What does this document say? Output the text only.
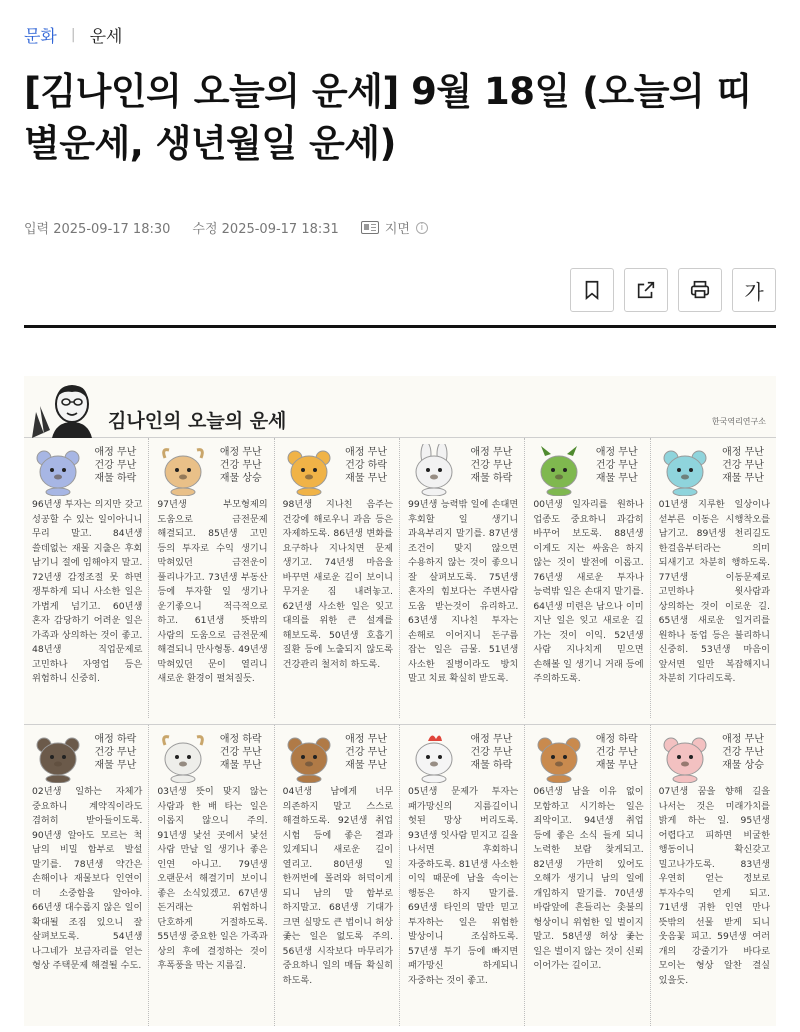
문화 | 운세
[김나인의 오늘의 운세] 9월 18일 (오늘의 띠별운세, 생년월일 운세)
입력 2025-09-17 18:30 수정 2025-09-17 18:31	지면	i
가
김나인의 오늘의 운세	한국역리연구소
애정 무난
건강 무난
재물 하락
96년생 투자는 의지만 갖고 성공할 수 있는 일이아니니 무리 말고. 84년생 쓸데없는 재물 지출은 후회 남기니 절에 임해야지 말고. 72년생 감정조절 못 하면 쟁투하게 되니 사소한 일은 가볍게 넘기고. 60년생 혼자 감당하기 어려운 일은 가족과 상의하는 것이 좋고. 48년생 직업문제로 고민하나 자영업 등은 위험하니 신중히.
애정 무난
건강 무난
재물 상승
97년생 부모형제의 도움으로 금전문제 해결되고. 85년생 고민 등의 투자로 수익 생기니 막혀있던 금전운이 풀리나가고. 73년생 부동산 등에 투자할 일 생기나 운기좋으니 적극적으로 하고. 61년생 뜻밖의 사람의 도움으로 금전문제 해결되니 만사형통. 49년생 막혀있던 문이 열리니 새로운 환경이 펼쳐질듯.
애정 무난
건강 하락
재물 무난
98년생 지나친 음주는 건강에 해로우니 과음 등은 자제하도록. 86년생 변화를 요구하나 지나치면 문제 생기고. 74년생 마음을 바꾸면 새로운 길이 보이니 무거운 짐 내려놓고. 62년생 사소한 일은 잊고 대의를 위한 큰 설계를 해보도록. 50년생 호흡기 질환 등에 노출되지 않도록 건강관리 철저히 하도록.
애정 무난
건강 무난
재물 하락
99년생 능력밖 일에 손대면 후회할 일 생기니 과욕부리지 말기를. 87년생 조건이 맞지 않으면 수용하지 않는 것이 좋으니 잘 살펴보도록. 75년생 혼자의 힘보다는 주변사람 도움 받는것이 유리하고. 63년생 지나친 투자는 손해로 이어지니 돈구름 잡는 일은 금물. 51년생 사소한 질병이라도 방치 말고 치료 확실히 받도록.
애정 무난
건강 무난
재물 무난
00년생 일자리를 원하나 업종도 중요하니 과감히 바꾸어 보도록. 88년생 이게도 지는 싸움은 하지 않는 것이 발전에 이롭고. 76년생 새로운 투자나 능력밖 일은 손대지 말기를. 64년생 미련은 남으나 이미 지난 일은 잊고 새로운 길 가는 것이 이익. 52년생 사람 지나치게 믿으면 손해볼 일 생기니 거래 등에 주의하도록.
애정 무난
건강 무난
재물 무난
01년생 지루한 일상이나 섣부른 이동은 시행착오를 남기고. 89년생 천리길도 한걸음부터라는 의미 되새기고 차분히 행하도록. 77년생 이동문제로 고민하나 윗사람과 상의하는 것이 이로운 길. 65년생 새로운 일거리를 원하나 동업 등은 불리하니 신중히. 53년생 마음이 앞서면 일만 복잡해지니 차분히 기다리도록.
애정 하락
건강 무난
재물 무난
02년생 일하는 자체가 중요하니 계약직이라도 겸허히 받아들이도록. 90년생 알아도 모르는 척 남의 비밀 함부로 발설 말기를. 78년생 약간은 손해이나 재물보다 인연이 더 소중함을 알아야. 66년생 대수롭지 않은 일이 확대될 조짐 있으니 잘 살펴보도록. 54년생 나그네가 보금자리를 얻는 형상 주택문제 해결될 수도.
애정 하락
건강 무난
재물 무난
03년생 뜻이 맞지 않는 사람과 한 배 타는 일은 이롭지 않으니 주의. 91년생 낯선 곳에서 낯선 사람 만날 일 생기나 좋은 인연 아니고. 79년생 오랜문서 해결기미 보이니 좋은 소식있겠고. 67년생 돈거래는 위험하니 단호하게 거절하도록. 55년생 중요한 일은 가족과 상의 후에 결정하는 것이 후폭풍을 막는 지름길.
애정 무난
건강 무난
재물 무난
04년생 남에게 너무 의존하지 말고 스스로 해결하도록. 92년생 취업 시험 등에 좋은 결과 있게되니 새로운 길이 열리고. 80년생 일 한꺼번에 몰려와 허덕이게 되니 남의 말 함부로 하지말고. 68년생 기대가 크면 실망도 큰 법이니 허상 좇는 일은 없도록 주의. 56년생 시작보다 마무리가 중요하니 일의 매듭 확실히 하도록.
애정 무난
건강 무난
재물 하락
05년생 문제가 투자는 패가망신의 지름길이니 헛된 망상 버리도록. 93년생 잇사람 믿지고 길을 나서면 후회하니 자중하도록. 81년생 사소한 이익 때문에 남을 속이는 행동은 하지 말기를. 69년생 타인의 말만 믿고 투자하는 일은 위험한 발상이니 조심하도록. 57년생 투기 등에 빠지면 패가망신 하게되니 자중하는 것이 좋고.
애정 하락
건강 무난
재물 무난
06년생 남을 이유 없이 모함하고 시기하는 일은 죄악이고. 94년생 취업 등에 좋은 소식 들게 되니 노력한 보람 찾게되고. 82년생 가만히 있어도 오해가 생기니 남의 일에 개입하지 말기를. 70년생 바람앞에 흔들리는 촛불의 형상이니 위험한 일 벌이지 말고. 58년생 허상 좇는 일은 벌이지 않는 것이 신뢰 이어가는 길이고.
애정 무난
건강 무난
재물 상승
07년생 꿈을 향해 길을 나서는 것은 미래가치를 밝게 하는 일. 95년생 어렵다고 피하면 비굴한 행동이니 확신갖고 밀고나가도록. 83년생 우연히 얻는 정보로 투자수익 얻게 되고. 71년생 귀한 인연 만나 뜻밖의 선물 받게 되니 웃음꽃 피고. 59년생 여러 개의 강줄기가 바다로 모이는 형상 알찬 결실 있을듯.
